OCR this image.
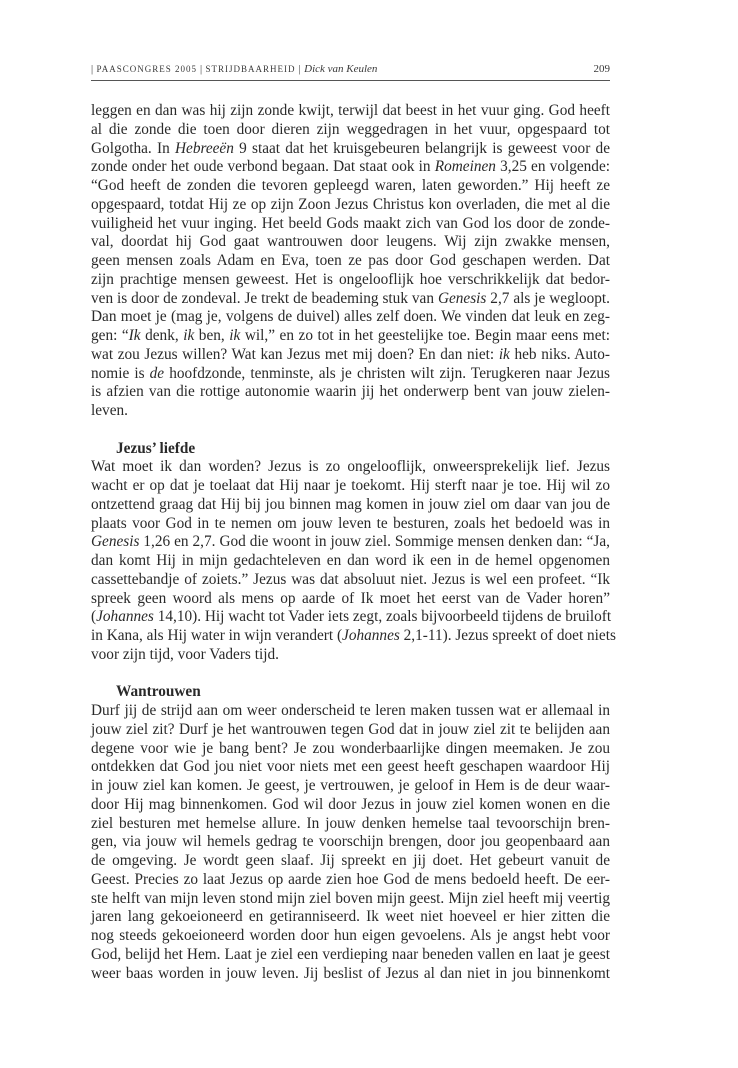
| PAASCONGRES 2005 | STRIJDBAARHEID | Dick van Keulen	209
leggen en dan was hij zijn zonde kwijt, terwijl dat beest in het vuur ging. God heeft
al die zonde die toen door dieren zijn weggedragen in het vuur, opgespaard tot
Golgotha. In Hebreeën 9 staat dat het kruisgebeuren belangrijk is geweest voor de
zonde onder het oude verbond begaan. Dat staat ook in Romeinen 3,25 en volgende:
“God heeft de zonden die tevoren gepleegd waren, laten geworden.” Hij heeft ze
opgespaard, totdat Hij ze op zijn Zoon Jezus Christus kon overladen, die met al die
vuiligheid het vuur inging. Het beeld Gods maakt zich van God los door de zonde-
val, doordat hij God gaat wantrouwen door leugens. Wij zijn zwakke mensen,
geen mensen zoals Adam en Eva, toen ze pas door God geschapen werden. Dat
zijn prachtige mensen geweest. Het is ongelooflijk hoe verschrikkelijk dat bedor-
ven is door de zondeval. Je trekt de beademing stuk van Genesis 2,7 als je wegloopt.
Dan moet je (mag je, volgens de duivel) alles zelf doen. We vinden dat leuk en zeg-
gen: “Ik denk, ik ben, ik wil,” en zo tot in het geestelijke toe. Begin maar eens met:
wat zou Jezus willen? Wat kan Jezus met mij doen? En dan niet: ik heb niks. Auto-
nomie is de hoofdzonde, tenminste, als je christen wilt zijn. Terugkeren naar Jezus
is afzien van die rottige autonomie waarin jij het onderwerp bent van jouw zielen-
leven.
Jezus’ liefde
Wat moet ik dan worden? Jezus is zo ongelooflijk, onweersprekelijk lief. Jezus
wacht er op dat je toelaat dat Hij naar je toekomt. Hij sterft naar je toe. Hij wil zo
ontzettend graag dat Hij bij jou binnen mag komen in jouw ziel om daar van jou de
plaats voor God in te nemen om jouw leven te besturen, zoals het bedoeld was in
Genesis 1,26 en 2,7. God die woont in jouw ziel. Sommige mensen denken dan: “Ja,
dan komt Hij in mijn gedachteleven en dan word ik een in de hemel opgenomen
cassettebandje of zoiets.” Jezus was dat absoluut niet. Jezus is wel een profeet. “Ik
spreek geen woord als mens op aarde of Ik moet het eerst van de Vader horen”
(Johannes 14,10). Hij wacht tot Vader iets zegt, zoals bijvoorbeeld tijdens de bruiloft
in Kana, als Hij water in wijn verandert (Johannes 2,1-11). Jezus spreekt of doet niets
voor zijn tijd, voor Vaders tijd.
Wantrouwen
Durf jij de strijd aan om weer onderscheid te leren maken tussen wat er allemaal in
jouw ziel zit? Durf je het wantrouwen tegen God dat in jouw ziel zit te belijden aan
degene voor wie je bang bent? Je zou wonderbaarlijke dingen meemaken. Je zou
ontdekken dat God jou niet voor niets met een geest heeft geschapen waardoor Hij
in jouw ziel kan komen. Je geest, je vertrouwen, je geloof in Hem is de deur waar-
door Hij mag binnenkomen. God wil door Jezus in jouw ziel komen wonen en die
ziel besturen met hemelse allure. In jouw denken hemelse taal tevoorschijn bren-
gen, via jouw wil hemels gedrag te voorschijn brengen, door jou geopenbaard aan
de omgeving. Je wordt geen slaaf. Jij spreekt en jij doet. Het gebeurt vanuit de
Geest. Precies zo laat Jezus op aarde zien hoe God de mens bedoeld heeft. De eer-
ste helft van mijn leven stond mijn ziel boven mijn geest. Mijn ziel heeft mij veertig
jaren lang gekoeioneerd en getiranniseerd. Ik weet niet hoeveel er hier zitten die
nog steeds gekoeioneerd worden door hun eigen gevoelens. Als je angst hebt voor
God, belijd het Hem. Laat je ziel een verdieping naar beneden vallen en laat je geest
weer baas worden in jouw leven. Jij beslist of Jezus al dan niet in jou binnenkomt
